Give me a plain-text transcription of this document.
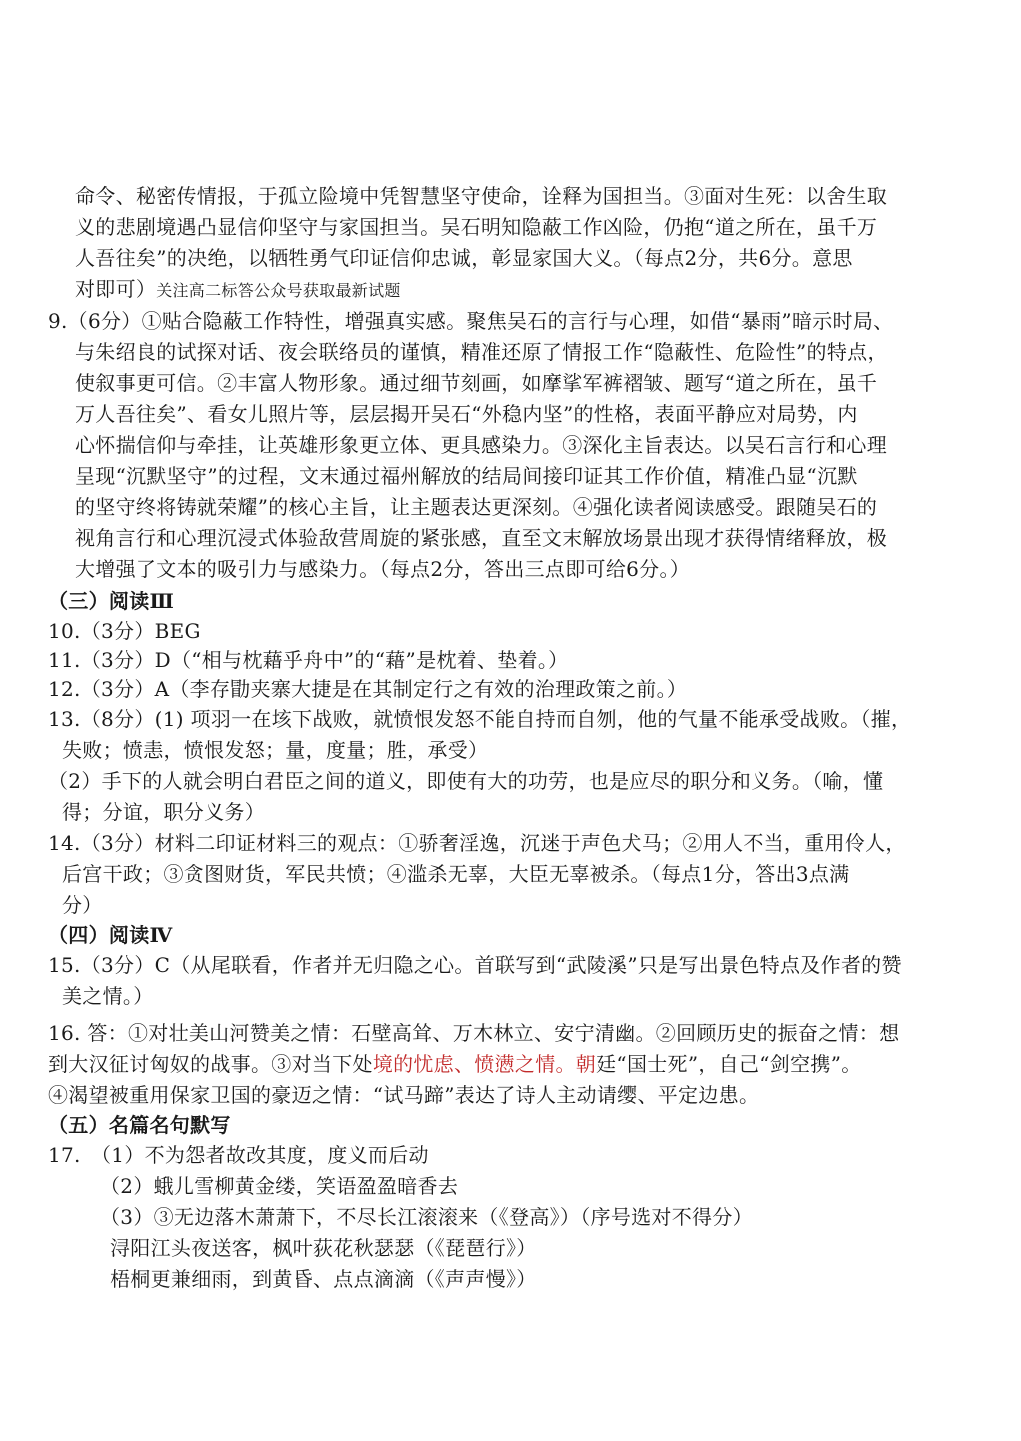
命令、秘密传情报，于孤立险境中凭智慧坚守使命，诠释为国担当。③面对生死：以舍生取
义的悲剧境遇凸显信仰坚守与家国担当。吴石明知隐蔽工作凶险，仍抱“道之所在，虽千万
人吾往矣”的决绝，以牺牲勇气印证信仰忠诚，彰显家国大义。（每点2分，共6分。意思
对即可）关注高二标答公众号获取最新试题
9.（6分）①贴合隐蔽工作特性，增强真实感。聚焦吴石的言行与心理，如借“暴雨”暗示时局、
与朱绍良的试探对话、夜会联络员的谨慎，精准还原了情报工作“隐蔽性、危险性”的特点，
使叙事更可信。②丰富人物形象。通过细节刻画，如摩挲军裤褶皱、题写“道之所在，虽千
万人吾往矣”、看女儿照片等，层层揭开吴石“外稳内坚”的性格，表面平静应对局势，内
心怀揣信仰与牵挂，让英雄形象更立体、更具感染力。③深化主旨表达。以吴石言行和心理
呈现“沉默坚守”的过程，文末通过福州解放的结局间接印证其工作价值，精准凸显“沉默
的坚守终将铸就荣耀”的核心主旨，让主题表达更深刻。④强化读者阅读感受。跟随吴石的
视角言行和心理沉浸式体验敌营周旋的紧张感，直至文末解放场景出现才获得情绪释放，极
大增强了文本的吸引力与感染力。（每点2分，答出三点即可给6分。）
（三）阅读Ⅲ
10.（3分）BEG
11.（3分）D（“相与枕藉乎舟中”的“藉”是枕着、垫着。）
12.（3分）A（李存勖夹寨大捷是在其制定行之有效的治理政策之前。）
13.（8分）(1) 项羽一在垓下战败，就愤恨发怒不能自持而自刎，他的气量不能承受战败。（摧，
失败；愤恚，愤恨发怒；量，度量；胜，承受）
（2）手下的人就会明白君臣之间的道义，即使有大的功劳，也是应尽的职分和义务。（喻，懂
得；分谊，职分义务）
14.（3分）材料二印证材料三的观点：①骄奢淫逸，沉迷于声色犬马；②用人不当，重用伶人，
后宫干政；③贪图财货，军民共愤；④滥杀无辜，大臣无辜被杀。（每点1分，答出3点满
分）
（四）阅读Ⅳ
15.（3分）C（从尾联看，作者并无归隐之心。首联写到“武陵溪”只是写出景色特点及作者的赞
美之情。）
16. 答：①对壮美山河赞美之情：石壁高耸、万木林立、安宁清幽。②回顾历史的振奋之情：想
到大汉征讨匈奴的战事。③对当下处境的忧虑、愤懑之情。朝廷“国士死”，自己“剑空携”。
④渴望被重用保家卫国的豪迈之情：“试马蹄”表达了诗人主动请缨、平定边患。
（五）名篇名句默写
17.　（1）不为怨者故改其度，度义而后动
（2）蛾儿雪柳黄金缕，笑语盈盈暗香去
（3）③无边落木萧萧下，不尽长江滚滚来（《登高》）（序号选对不得分）
浔阳江头夜送客，枫叶荻花秋瑟瑟（《琵琶行》）
梧桐更兼细雨，到黄昏、点点滴滴（《声声慢》）
